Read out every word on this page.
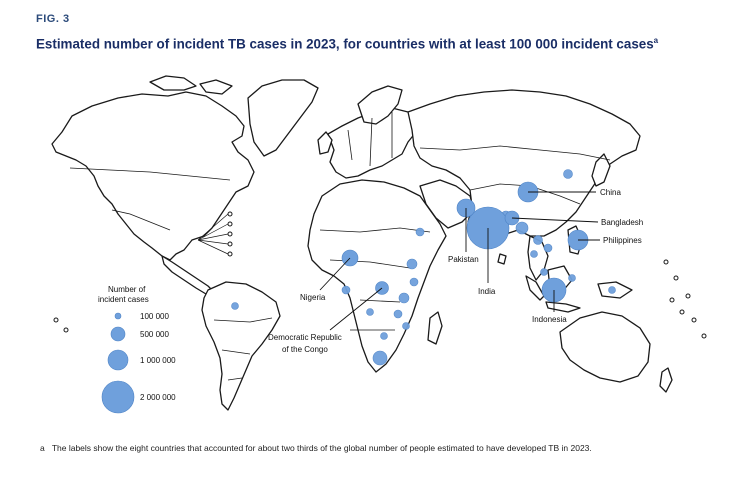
FIG. 3
Estimated number of incident TB cases in 2023, for countries with at least 100 000 incident cases$^a$
China
Bangladesh
Philippines
Pakistan
India
Indonesia
Nigeria
Democratic Republic
of the Congo
Number of
incident cases
100 000
500 000
1 000 000
2 000 000
a The labels show the eight countries that accounted for about two thirds of the global number of people estimated to have developed TB in 2023.
